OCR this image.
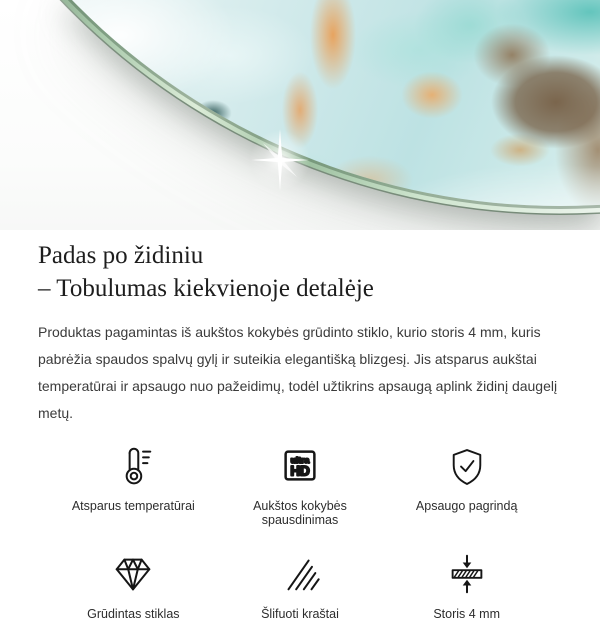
Padas po židiniu
– Tobulumas kiekvienoje detalėje

Produktas pagamintas iš aukštos kokybės grūdinto stiklo, kurio storis 4 mm, kuris pabrėžia spaudos spalvų gylį ir suteikia elegantišką blizgesį. Jis atsparus aukštai temperatūrai ir apsaugo nuo pažeidimų, todėl užtikrins apsaugą aplink židinį daugelį metų.

Atsparus temperatūrai
ultra
HD
Aukštos kokybės spausdinimas
Apsaugo pagrindą
Grūdintas stiklas	Šlifuoti kraštai	Storis 4 mm
